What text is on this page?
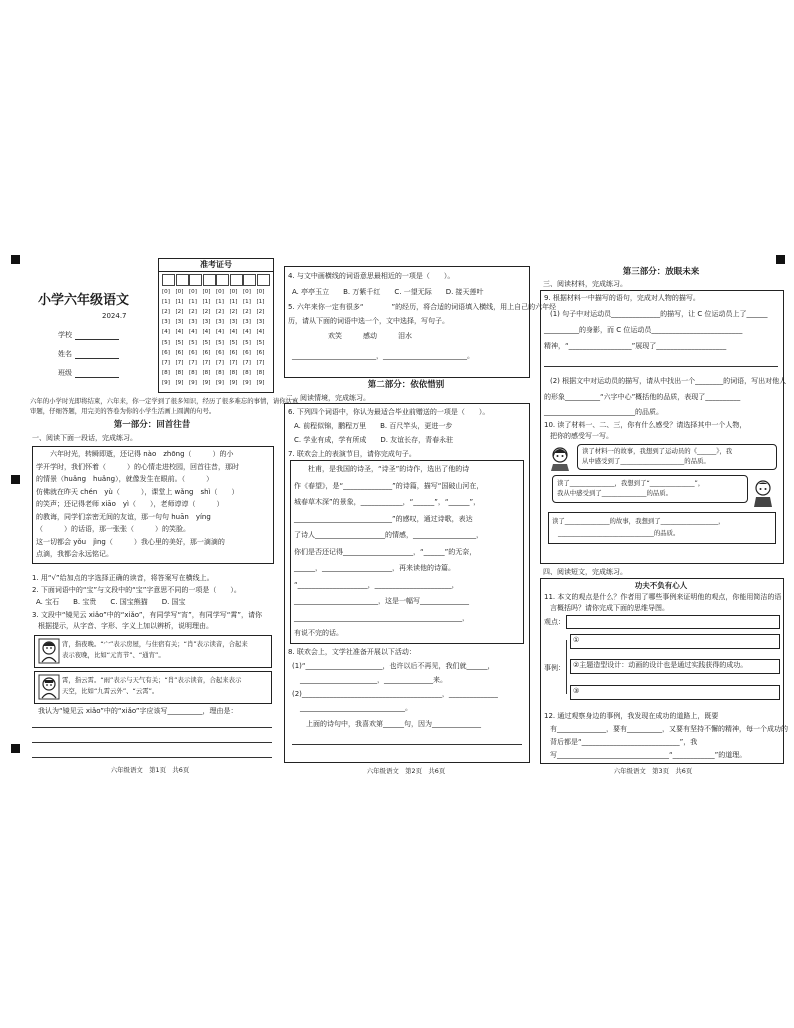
小学六年级语文
2024.7
学校
姓名
班级
准考证号
[0] [0] [0] [0] [0] [0] [0] [0]
[1] [1] [1] [1] [1] [1] [1] [1]
[2] [2] [2] [2] [2] [2] [2] [2]
[3] [3] [3] [3] [3] [3] [3] [3]
[4] [4] [4] [4] [4] [4] [4] [4]
[5] [5] [5] [5] [5] [5] [5] [5]
[6] [6] [6] [6] [6] [6] [6] [6]
[7] [7] [7] [7] [7] [7] [7] [7]
[8] [8] [8] [8] [8] [8] [8] [8]
[9] [9] [9] [9] [9] [9] [9] [9]
六年的小学时光即将结束，六年来，你一定学到了很多知识，经历了很多难忘的事情，请你认真
审题，仔细答题，用完美的答卷为你的小学生活画上圆满的句号。
第一部分：回首往昔
一、阅读下面一段话，完成练习。
　　六年时光，转瞬即逝，还记得 nào　zhōng（　　　）的小
学开学时，我们怀着（　　　）的心情走进校园，回首往昔，那时
的情景（huǎng　huǎng），就像发生在眼前。（　　　）
仿佛就在昨天 chén　yù（　　　），课堂上 wǎng　shì（　　）
的笑声；还记得老师 xiāo　yì（　　），老师谆谆（　　　）
的教诲，同学们亲密无间的友谊，那一句句 huān　yíng
（　　　）的话语，那一张张（　　　）的笑脸。
这一切都会 yǒu　jìng（　　　）我心里的美好，那一滴滴的
点滴，我都会永远铭记。
1. 用“√”给加点的字选择正确的读音，将答案写在横线上。
2. 下面词语中的“宝”与文段中的“宝”字意思不同的一项是（　　）。
A. 宝石　　B. 宝贵　　C. 国宝熊猫　　D. 国宝
3. 文段中“镜见云 xiǎo”中的“xiǎo”，有同学写“宵”，有同学写“霄”，请你
根据提示，从字音、字形、字义上加以辨析，说明理由。
宵，指夜晚。“宀”表示房屋，与住宿有关；“肖”表示读音，合起来
表示夜晚，比如“元宵节”、“通宵”。
霄，指云霄。“雨”表示与天气有关；“肖”表示读音，合起来表示
天空，比如“九霄云外”、“云霄”。
我认为“镜见云 xiǎo”中的“xiǎo”字应该写__________，理由是：
六年级语文　第1页　共6页
4. 与文中画横线的词语意思最相近的一项是（　　）。
A. 亭亭玉立　　B. 万紫千红　　C. 一望无际　　D. 接天莲叶
5. 六年来你一定有很多“　　　　”的经历，将合适的词语填入横线，用上自己的六年经
历，请从下面的词语中选一个，文中选择，写句子。
欢笑　　　感动　　　泪水
________________________，________________________。
第二部分：依依惜别
二、阅读情境，完成练习。
6. 下列四个词语中，你认为最适合毕业前赠送的一项是（　　）。
A. 前程似锦，鹏程万里　　B. 百尺竿头，更进一步
C. 学业有成，学有所成　　D. 友谊长存，青春永驻
7. 联欢会上的表演节目，请你完成句子。
　　杜甫，是我国的诗圣，“诗圣”的诗作，选出了他的诗
作《春望》，是“______________”的诗篇，描写“国破山河在，
城春草木深”的景象，____________，“______”，“______”，
____________________________”的感叹，通过诗歌，表达
了诗人____________________的情感，__________________，
你们是否还记得____________________，“______”的无奈，
______，____________________，再来读他的诗篇。
“____________________，______________________，
________________________，这是一幅写______________
________________________________________________，
有说不完的话。
8. 联欢会上，文学社准备开展以下活动：
(1)“______________________，也许以后不再见，我们就______，
______________________，______________来。
(2)________________________________________，______________
______________________________。
　　上面的诗句中，我喜欢第______句，因为______________
六年级语文　第2页　共6页
第三部分：放眼未来
三、阅读材料，完成练习。
9. 根据材料一中描写的语句，完成对人物的描写。
(1) 句子中对运动员______________的描写，让 C 位运动员上了______
__________的身影，而 C 位运动员__________________________
精神，“__________________”展现了____________________
(2) 根据文中对运动员的描写，请从中找出一个________的词语，写出对他人
的形象__________“六字中心”概括他的品质，表现了__________
__________________________的品质。
10. 读了材料一、二、三，你有什么感受？请选择其中一个人物，
把你的感受写一写。
读了材料一的故事，我想到了运动员的《______》，我
从中感受到了____________________的品质。
读了______________，我想到了“______________”，
我从中感受到了______________的品质。
读了______________的故事，我想到了__________________，
______________________________的品质。
四、阅读短文，完成练习。
功夫不负有心人
11. 本文的观点是什么？作者用了哪些事例来证明他的观点，你能用简洁的语
言概括吗？请你完成下面的思维导图。
观点：
事例：
①
②主题造型设计：动画的设计也是通过实践获得的成功。
③
12. 通过观察身边的事例，我发现在成功的道路上，既要
有______________，要有__________，又要有坚持不懈的精神，每一个成功的
背后都是“____________________________”，我
写________________________________“____________”的道理。
六年级语文　第3页　共6页
